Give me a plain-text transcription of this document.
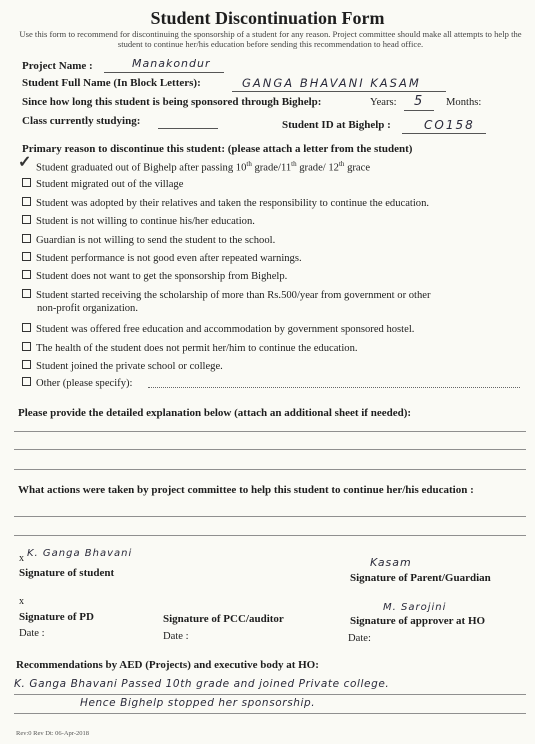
Student Discontinuation Form
Use this form to recommend for discontinuing the sponsorship of a student for any reason. Project committee should make all attempts to help the student to continue her/his education before sending this recommendation to head office.
Project Name :	Manakondur
Student Full Name (In Block Letters):	GANGA BHAVANI KASAM
Since how long this student is being sponsored through Bighelp:	Years: 5 Months:
Class currently studying:	Student ID at Bighelp :	CO158
Primary reason to discontinue this student: (please attach a letter from the student)
✓ Student graduated out of Bighelp after passing 10th grade/11th grade/ 12th grace
Student migrated out of the village
Student was adopted by their relatives and taken the responsibility to continue the education.
Student is not willing to continue his/her education.
Guardian is not willing to send the student to the school.
Student performance is not good even after repeated warnings.
Student does not want to get the sponsorship from Bighelp.
Student started receiving the scholarship of more than Rs.500/year from government or other
non-profit organization.
Student was offered free education and accommodation by government sponsored hostel.
The health of the student does not permit her/him to continue the education.
Student joined the private school or college.
Other (please specify):
Please provide the detailed explanation below (attach an additional sheet if needed):
What actions were taken by project committee to help this student to continue her/his education :
x K. Ganga Bhavani
Signature of student
Kasam
Signature of Parent/Guardian
x
Signature of PD	Signature of PCC/auditor
M. Sarojini
Signature of approver at HO
Date :	Date :	Date:
Recommendations by AED (Projects) and executive body at HO:
K. Ganga Bhavani Passed 10th grade and joined Private college.
Hence Bighelp stopped her sponsorship.
Rev:0 Rev Dt: 06-Apr-2018
